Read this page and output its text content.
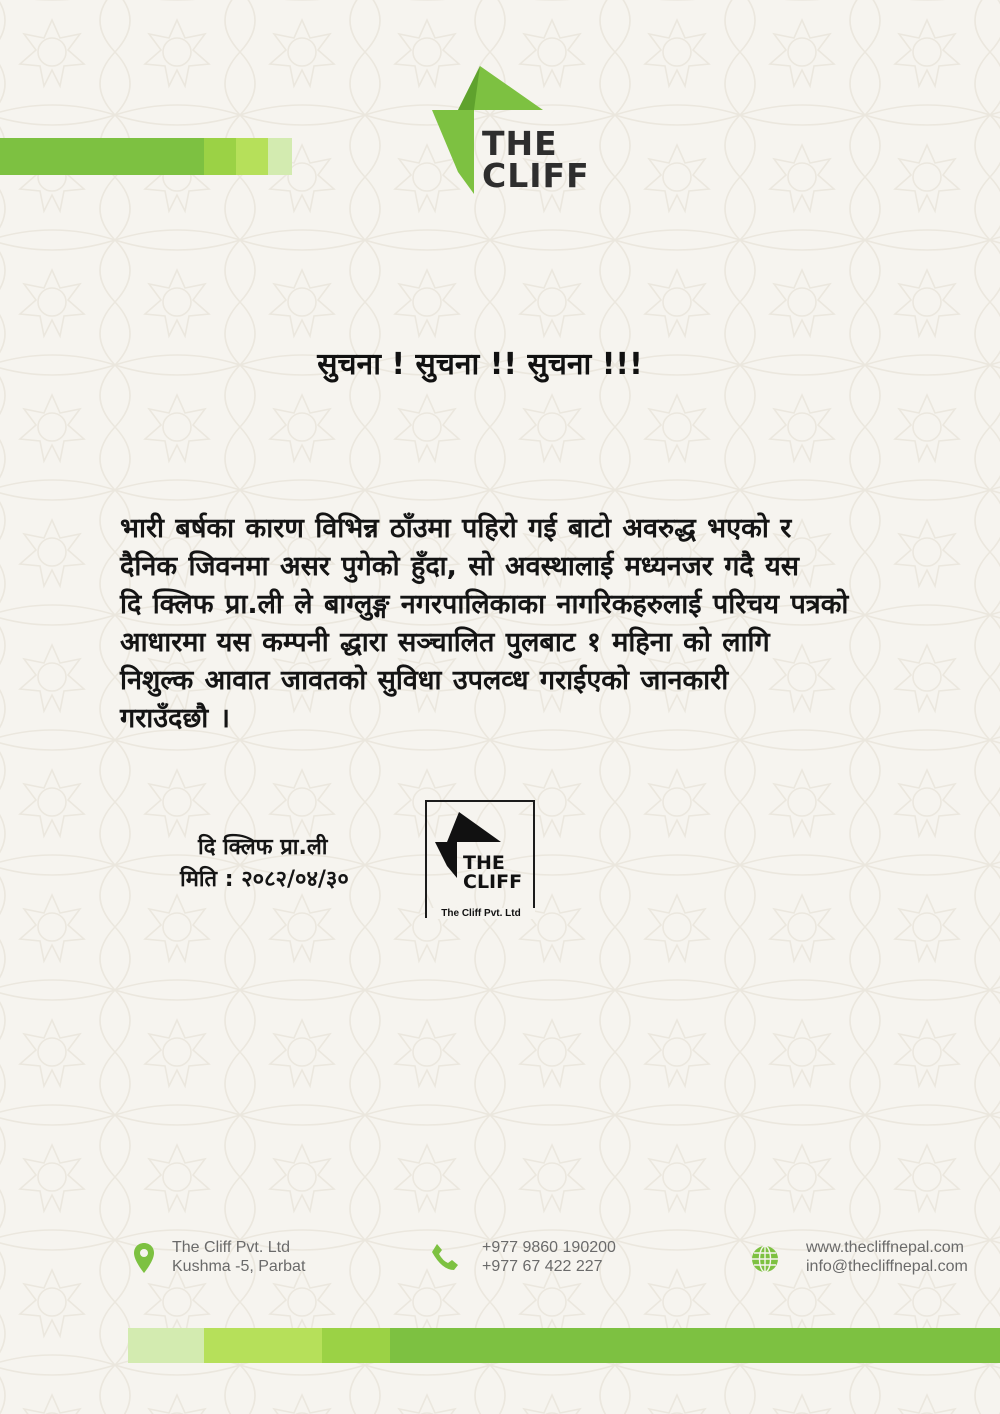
THE
CLIFF
सुचना ! सुचना !! सुचना !!!
भारी बर्षका कारण विभिन्न ठाँउमा पहिरो गई बाटो अवरुद्ध भएको र
दैनिक जिवनमा असर पुगेको हुँदा, सो अवस्थालाई मध्यनजर गदै यस
दि क्लिफ प्रा.ली ले बाग्लुङ्ग नगरपालिकाका नागरिकहरुलाई परिचय पत्रको
आधारमा यस कम्पनी द्धारा सञ्चालित पुलबाट १ महिना को लागि
निशुल्क आवात जावतको सुविधा उपलव्ध गराईएको जानकारी
गराउँदछौ ।
दि क्लिफ प्रा.ली
मिति : २०८२/०४/३०
THE
CLIFF
The Cliff Pvt. Ltd
The Cliff Pvt. Ltd
Kushma -5, Parbat
+977 9860 190200
+977 67 422 227
www.thecliffnepal.com
info@thecliffnepal.com
